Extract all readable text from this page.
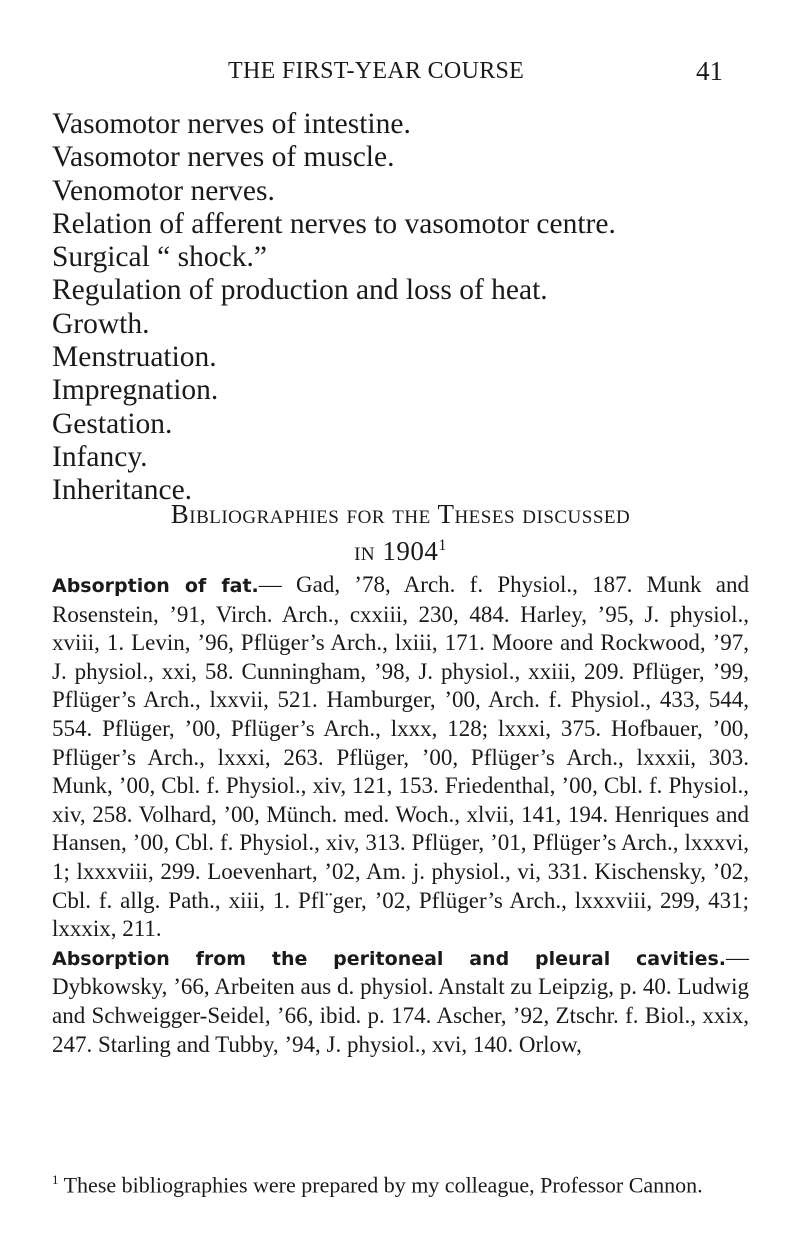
THE FIRST-YEAR COURSE	41
Vasomotor nerves of intestine.
Vasomotor nerves of muscle.
Venomotor nerves.
Relation of afferent nerves to vasomotor centre.
Surgical “ shock.”
Regulation of production and loss of heat.
Growth.
Menstruation.
Impregnation.
Gestation.
Infancy.
Inheritance.
Bibliographies for the Theses discussed
in 1904$^1$

Absorption of fat.— Gad, ’78, Arch. f. Physiol., 187. Munk and Rosenstein, ’91, Virch. Arch., cxxiii, 230, 484. Harley, ’95, J. physiol., xviii, 1. Levin, ’96, Pflüger’s Arch., lxiii, 171. Moore and Rockwood, ’97, J. physiol., xxi, 58. Cunningham, ’98, J. physiol., xxiii, 209. Pflüger, ’99, Pflüger’s Arch., lxxvii, 521. Hamburger, ’00, Arch. f. Physiol., 433, 544, 554. Pflüger, ’00, Pflüger’s Arch., lxxx, 128; lxxxi, 375. Hofbauer, ’00, Pflüger’s Arch., lxxxi, 263. Pflüger, ’00, Pflüger’s Arch., lxxxii, 303. Munk, ’00, Cbl. f. Physiol., xiv, 121, 153. Friedenthal, ’00, Cbl. f. Physiol., xiv, 258. Volhard, ’00, Münch. med. Woch., xlvii, 141, 194. Henriques and Hansen, ’00, Cbl. f. Physiol., xiv, 313. Pflüger, ’01, Pflüger’s Arch., lxxxvi, 1; lxxxviii, 299. Loevenhart, ’02, Am. j. physiol., vi, 331. Kischensky, ’02, Cbl. f. allg. Path., xiii, 1. Pfl¨ger, ’02, Pflüger’s Arch., lxxxviii, 299, 431; lxxxix, 211.

Absorption from the peritoneal and pleural cavities.— Dybkowsky, ’66, Arbeiten aus d. physiol. Anstalt zu Leipzig, p. 40. Ludwig and Schweigger-Seidel, ’66, ibid. p. 174. Ascher, ’92, Ztschr. f. Biol., xxix, 247. Starling and Tubby, ’94, J. physiol., xvi, 140. Orlow,

$^1$ These bibliographies were prepared by my colleague, Professor Cannon.
